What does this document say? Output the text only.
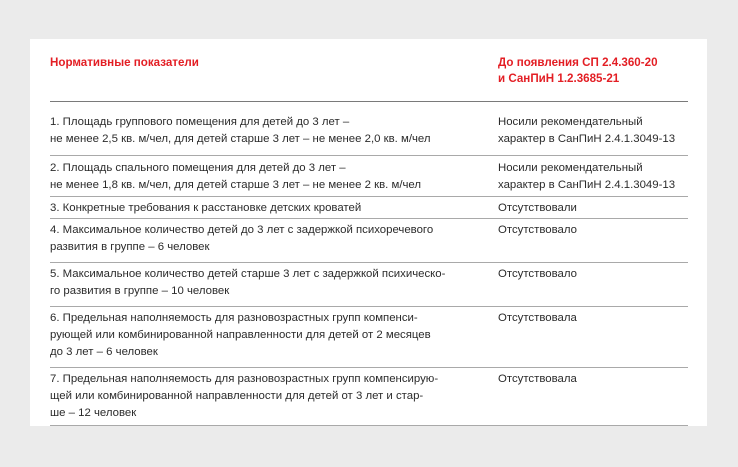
Нормативные показатели	До появления СП 2.4.360-20
и СанПиН 1.2.3685-21
1. Площадь группового помещения для детей до 3 лет –
не менее 2,5 кв. м/чел, для детей старше 3 лет – не менее 2,0 кв. м/чел
Носили рекомендательный
характер в СанПиН 2.4.1.3049-13
2. Площадь спального помещения для детей до 3 лет –
не менее 1,8 кв. м/чел, для детей старше 3 лет – не менее 2 кв. м/чел
Носили рекомендательный
характер в СанПиН 2.4.1.3049-13
3. Конкретные требования к расстановке детских кроватей	Отсутствовали
4. Максимальное количество детей до 3 лет с задержкой психоречевого
развития в группе – 6 человек
Отсутствовало
5. Максимальное количество детей старше 3 лет с задержкой психическо-
го развития в группе – 10 человек
Отсутствовало
6. Предельная наполняемость для разновозрастных групп компенси-
рующей или комбинированной направленности для детей от 2 месяцев
до 3 лет – 6 человек
Отсутствовала
7. Предельная наполняемость для разновозрастных групп компенсирую-
щей или комбинированной направленности для детей от 3 лет и стар-
ше – 12 человек
Отсутствовала
